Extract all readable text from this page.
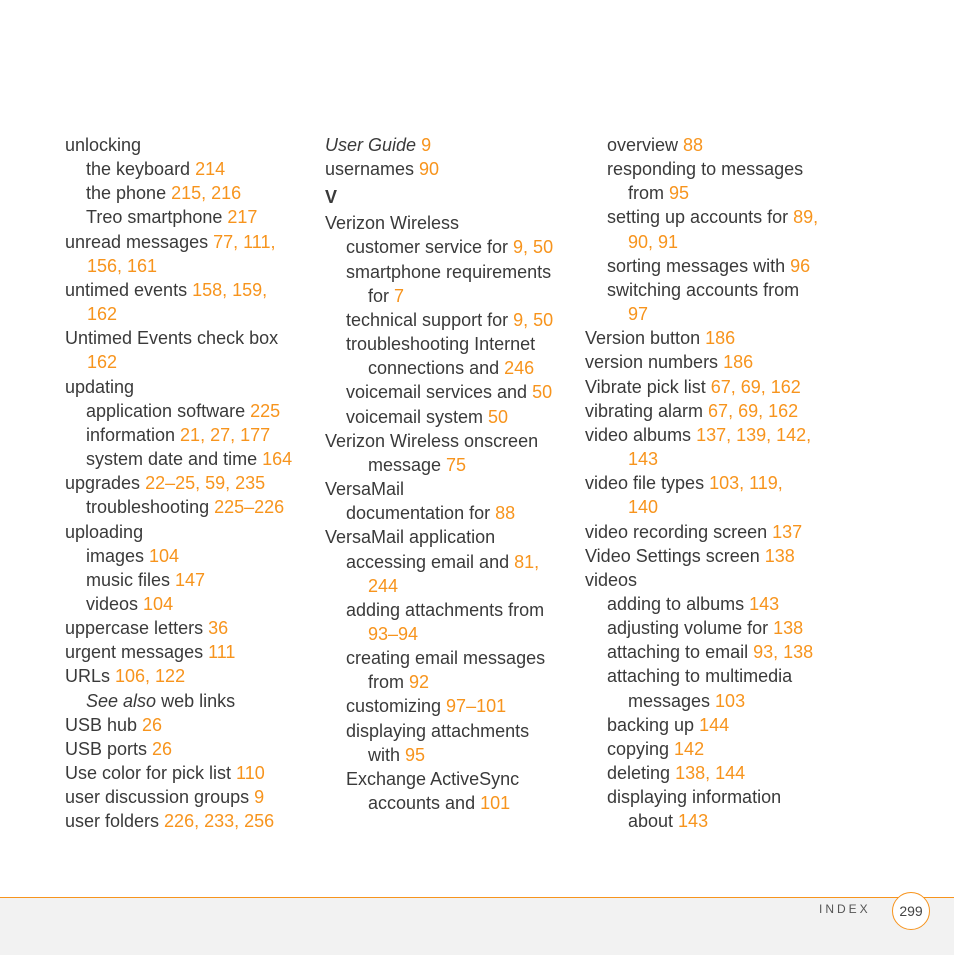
unlocking
the keyboard 214
the phone 215, 216
Treo smartphone 217
unread messages 77, 111,
156, 161
untimed events 158, 159,
162
Untimed Events check box
162
updating
application software 225
information 21, 27, 177
system date and time 164
upgrades 22–25, 59, 235
troubleshooting 225–226
uploading
images 104
music files 147
videos 104
uppercase letters 36
urgent messages 111
URLs 106, 122
See also web links
USB hub 26
USB ports 26
Use color for pick list 110
user discussion groups 9
user folders 226, 233, 256
User Guide 9
usernames 90
V
Verizon Wireless
customer service for 9, 50
smartphone requirements
for 7
technical support for 9, 50
troubleshooting Internet
connections and 246
voicemail services and 50
voicemail system 50
Verizon Wireless onscreen
message 75
VersaMail
documentation for 88
VersaMail application
accessing email and 81,
244
adding attachments from
93–94
creating email messages
from 92
customizing 97–101
displaying attachments
with 95
Exchange ActiveSync
accounts and 101
overview 88
responding to messages
from 95
setting up accounts for 89,
90, 91
sorting messages with 96
switching accounts from
97
Version button 186
version numbers 186
Vibrate pick list 67, 69, 162
vibrating alarm 67, 69, 162
video albums 137, 139, 142,
143
video file types 103, 119,
140
video recording screen 137
Video Settings screen 138
videos
adding to albums 143
adjusting volume for 138
attaching to email 93, 138
attaching to multimedia
messages 103
backing up 144
copying 142
deleting 138, 144
displaying information
about 143
INDEX	299
